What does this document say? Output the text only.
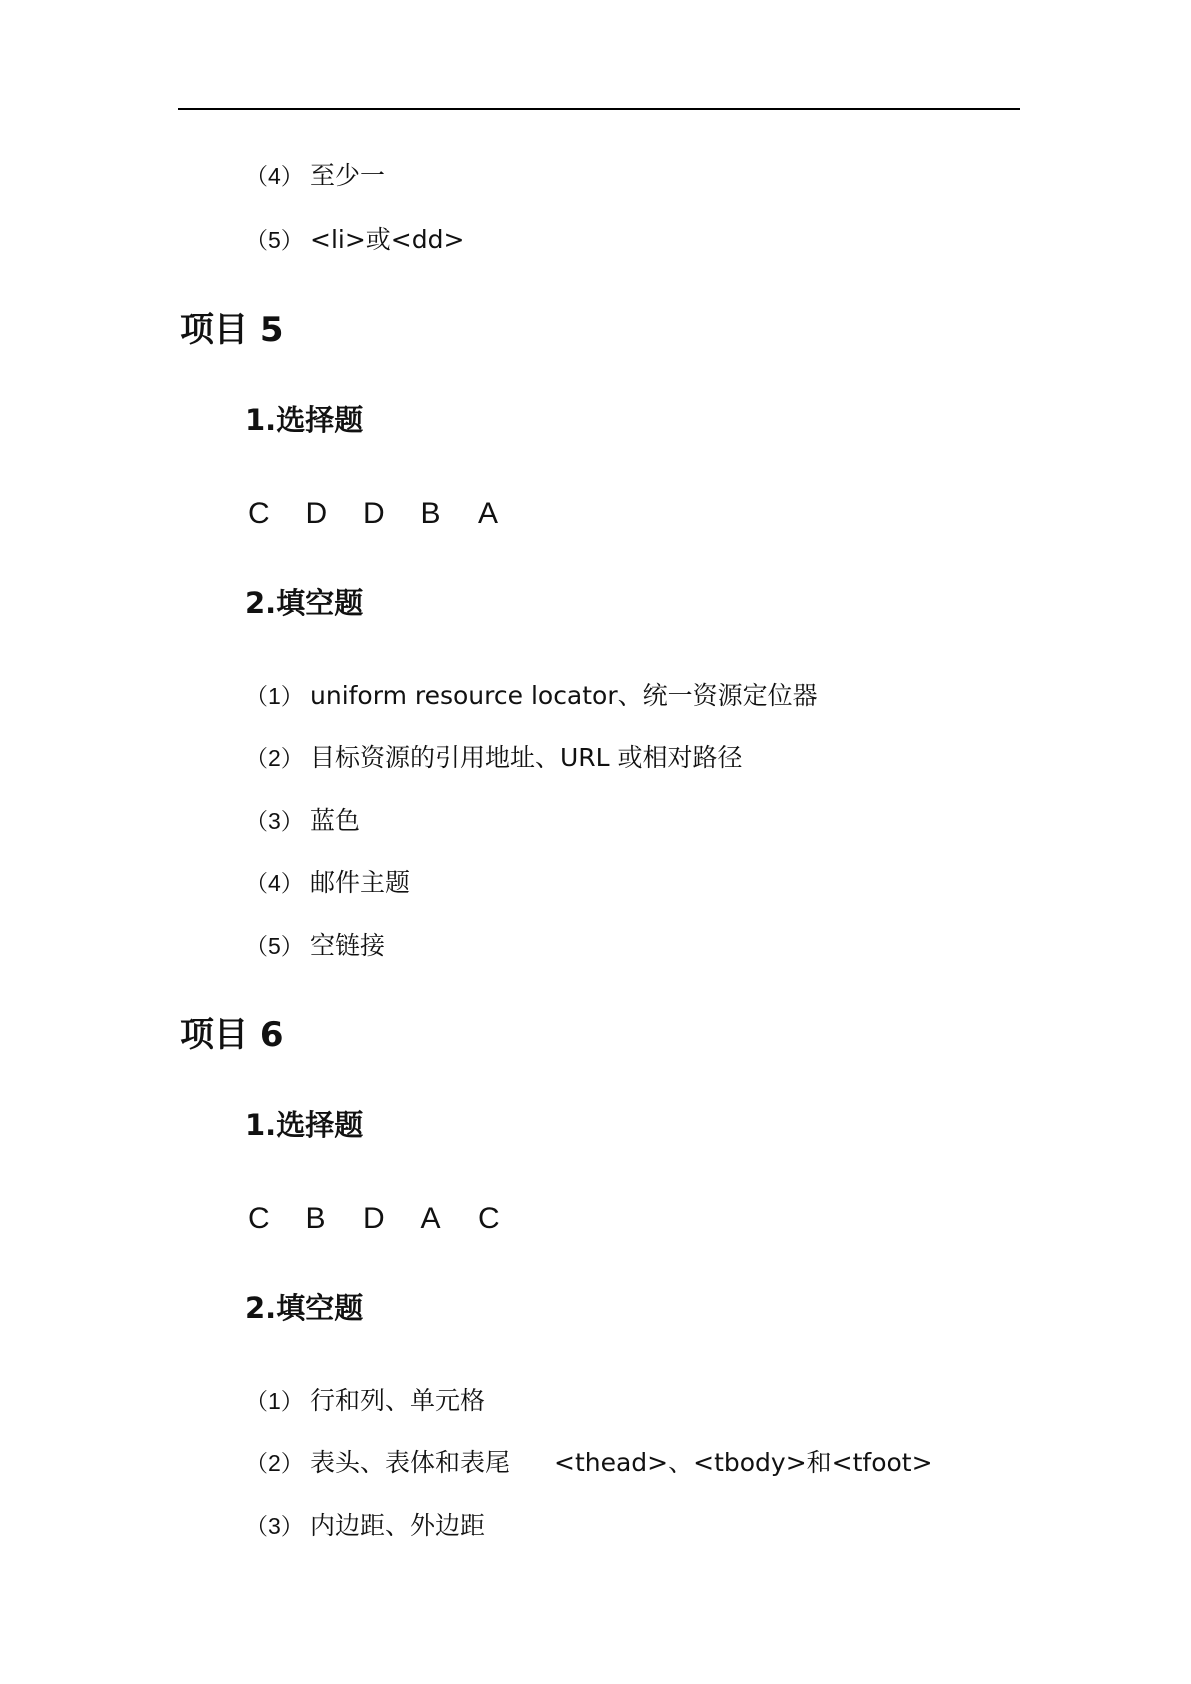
（4） 至少一
（5） <li>或<dd>
项目 5
1.选择题
C D D B A
2.填空题
（1） uniform resource locator、统一资源定位器
（2） 目标资源的引用地址、URL 或相对路径
（3） 蓝色
（4） 邮件主题
（5） 空链接
项目 6
1.选择题
C B D A C
2.填空题
（1） 行和列、单元格
（2） 表头、表体和表尾 <thead>、<tbody>和<tfoot>
（3） 内边距、外边距
